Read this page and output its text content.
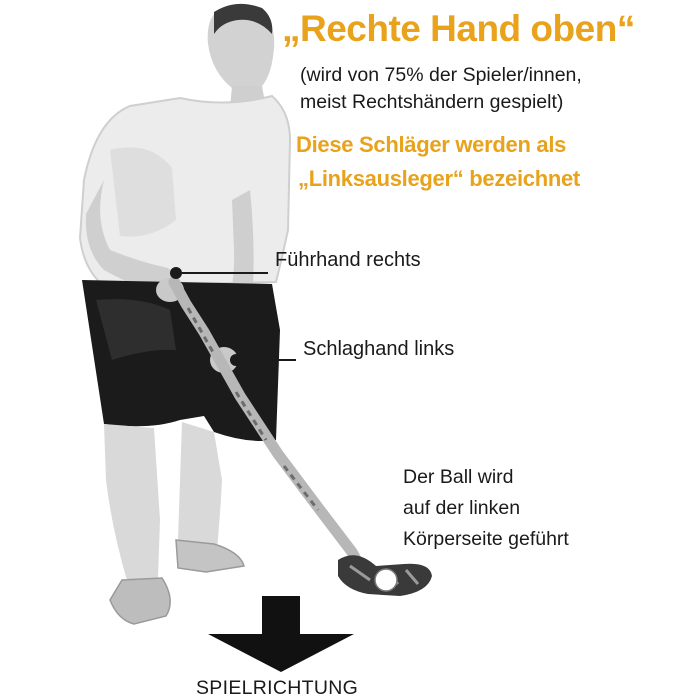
„Rechte Hand oben“
(wird von 75% der Spieler/innen,
meist Rechtshändern gespielt)
Diese Schläger werden als
„Linksausleger“ bezeichnet
Führhand rechts
Schlaghand links
Der Ball wird
auf der linken
Körperseite geführt
SPIELRICHTUNG
